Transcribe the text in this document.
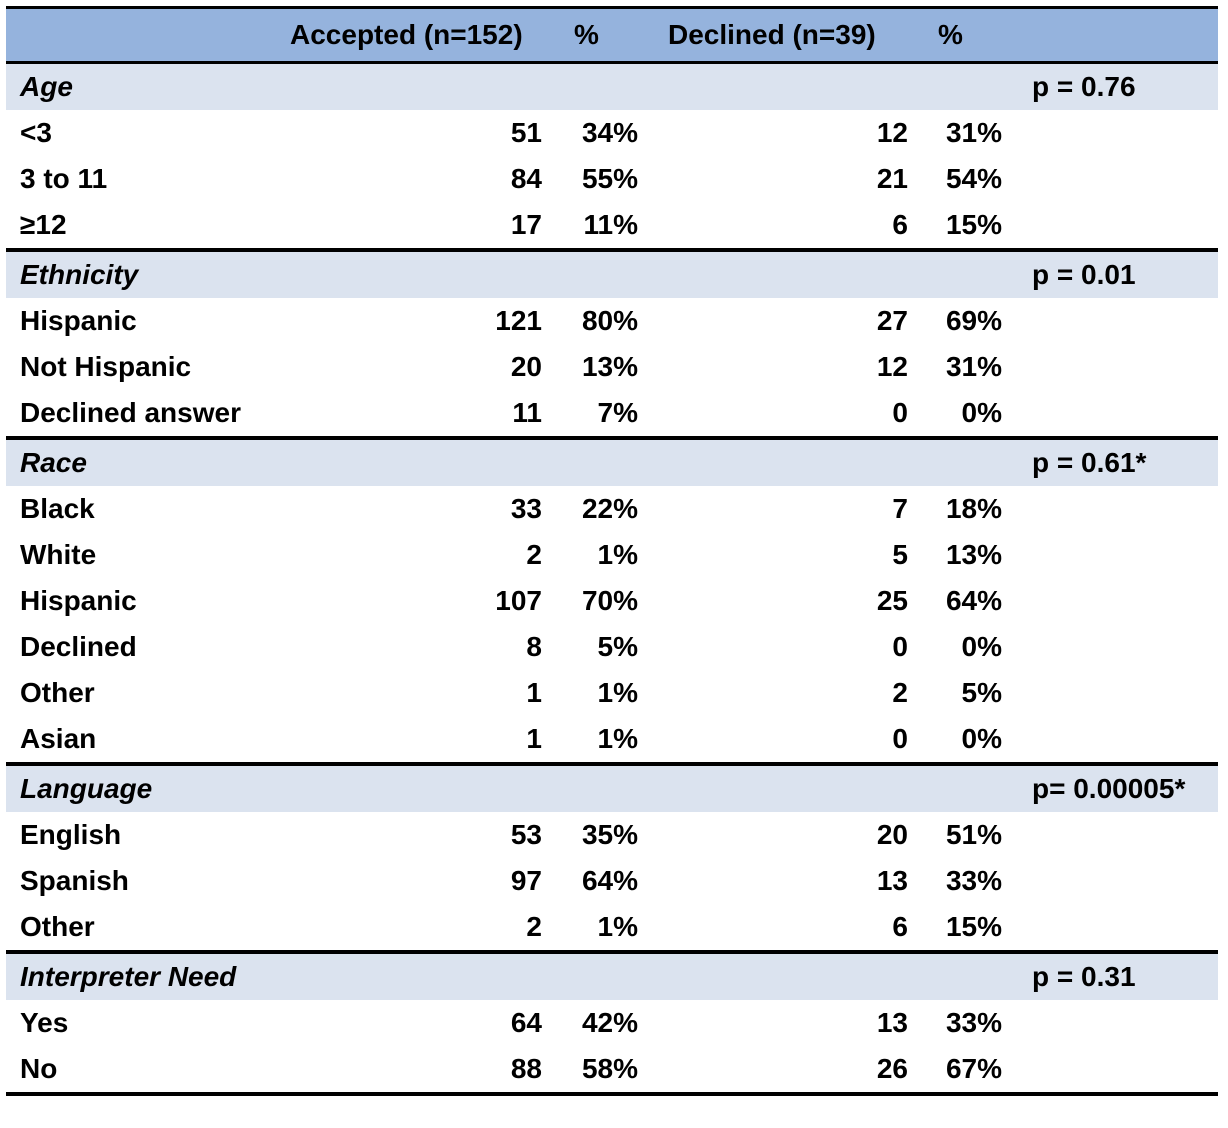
Accepted (n=152) % Declined (n=39) %
Age	p = 0.76
<3	51 34%	12 31%
3 to 11	84 55%	21 54%
≥12	17 11%	6 15%
Ethnicity	p = 0.01
Hispanic	121 80%	27 69%
Not Hispanic	20 13%	12 31%
Declined answer	11 7%	0 0%
Race	p = 0.61*
Black	33 22%	7 18%
White	2 1%	5 13%
Hispanic	107 70%	25 64%
Declined	8 5%	0 0%
Other	1 1%	2 5%
Asian	1 1%	0 0%
Language	p= 0.00005*
English	53 35%	20 51%
Spanish	97 64%	13 33%
Other	2 1%	6 15%
Interpreter Need	p = 0.31
Yes	64 42%	13 33%
No	88 58%	26 67%
